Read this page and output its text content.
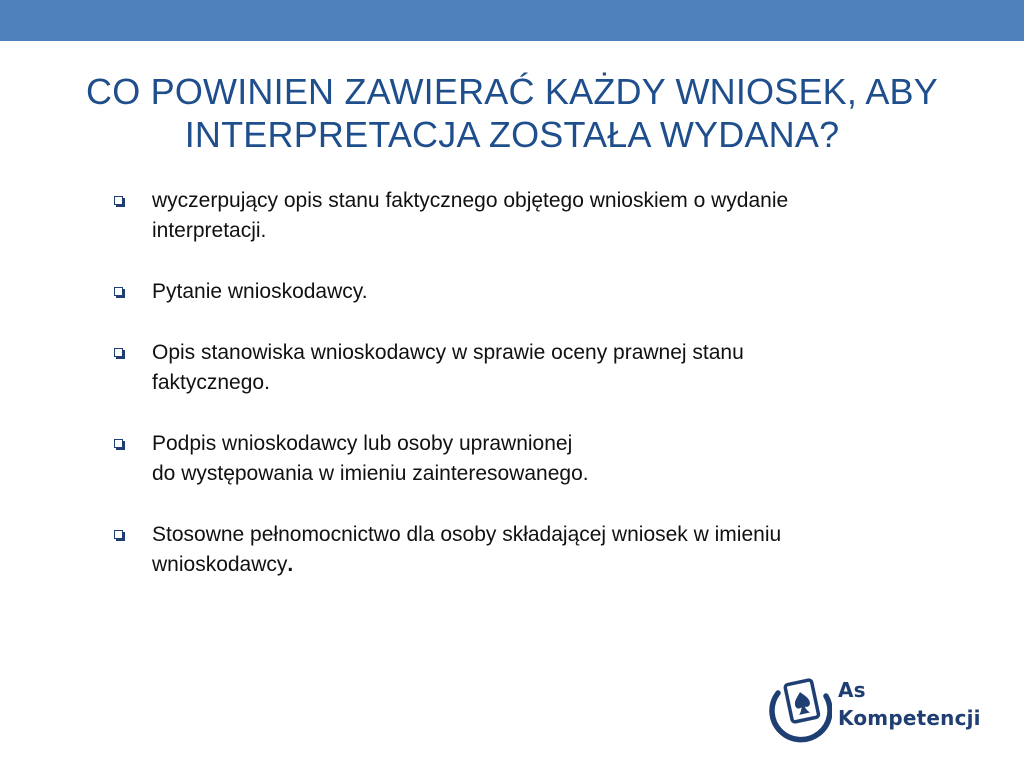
CO POWINIEN ZAWIERAĆ KAŻDY WNIOSEK, ABY
INTERPRETACJA ZOSTAŁA WYDANA?
wyczerpujący opis stanu faktycznego objętego wnioskiem o wydanie
interpretacji.
Pytanie wnioskodawcy.
Opis stanowiska wnioskodawcy w sprawie oceny prawnej stanu
faktycznego.
Podpis wnioskodawcy lub osoby uprawnionej
do występowania w imieniu zainteresowanego.
Stosowne pełnomocnictwo dla osoby składającej wniosek w imieniu
wnioskodawcy.
As
Kompetencji
